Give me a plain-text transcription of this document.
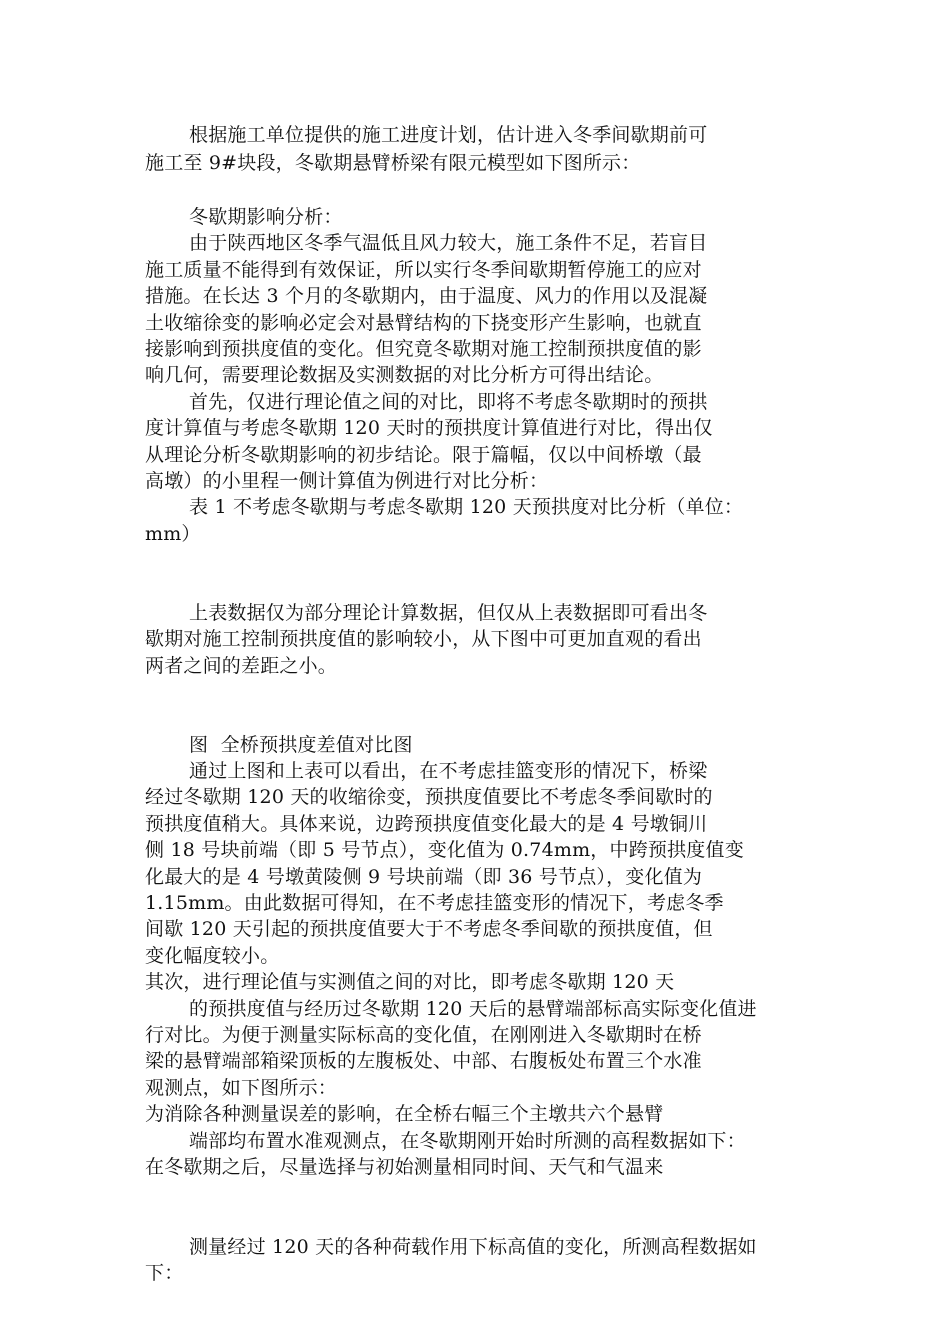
根据施工单位提供的施工进度计划，估计进入冬季间歇期前可
施工至 9#块段，冬歇期悬臂桥梁有限元模型如下图所示：
冬歇期影响分析：
由于陕西地区冬季气温低且风力较大，施工条件不足，若盲目
施工质量不能得到有效保证，所以实行冬季间歇期暂停施工的应对
措施。在长达 3 个月的冬歇期内，由于温度、风力的作用以及混凝
土收缩徐变的影响必定会对悬臂结构的下挠变形产生影响，也就直
接影响到预拱度值的变化。但究竟冬歇期对施工控制预拱度值的影
响几何，需要理论数据及实测数据的对比分析方可得出结论。
首先，仅进行理论值之间的对比，即将不考虑冬歇期时的预拱
度计算值与考虑冬歇期 120 天时的预拱度计算值进行对比，得出仅
从理论分析冬歇期影响的初步结论。限于篇幅，仅以中间桥墩（最
高墩）的小里程一侧计算值为例进行对比分析：
表 1 不考虑冬歇期与考虑冬歇期 120 天预拱度对比分析（单位：
mm）
上表数据仅为部分理论计算数据，但仅从上表数据即可看出冬
歇期对施工控制预拱度值的影响较小，从下图中可更加直观的看出
两者之间的差距之小。
图  全桥预拱度差值对比图
通过上图和上表可以看出，在不考虑挂篮变形的情况下，桥梁
经过冬歇期 120 天的收缩徐变，预拱度值要比不考虑冬季间歇时的
预拱度值稍大。具体来说，边跨预拱度值变化最大的是 4 号墩铜川
侧 18 号块前端（即 5 号节点），变化值为 0.74mm，中跨预拱度值变
化最大的是 4 号墩黄陵侧 9 号块前端（即 36 号节点），变化值为
1.15mm。由此数据可得知，在不考虑挂篮变形的情况下，考虑冬季
间歇 120 天引起的预拱度值要大于不考虑冬季间歇的预拱度值，但
变化幅度较小。
其次，进行理论值与实测值之间的对比，即考虑冬歇期 120 天
的预拱度值与经历过冬歇期 120 天后的悬臂端部标高实际变化值进
行对比。为便于测量实际标高的变化值，在刚刚进入冬歇期时在桥
梁的悬臂端部箱梁顶板的左腹板处、中部、右腹板处布置三个水准
观测点，如下图所示：
为消除各种测量误差的影响，在全桥右幅三个主墩共六个悬臂
端部均布置水准观测点，在冬歇期刚开始时所测的高程数据如下：
在冬歇期之后，尽量选择与初始测量相同时间、天气和气温来
测量经过 120 天的各种荷载作用下标高值的变化，所测高程数据如
下：
